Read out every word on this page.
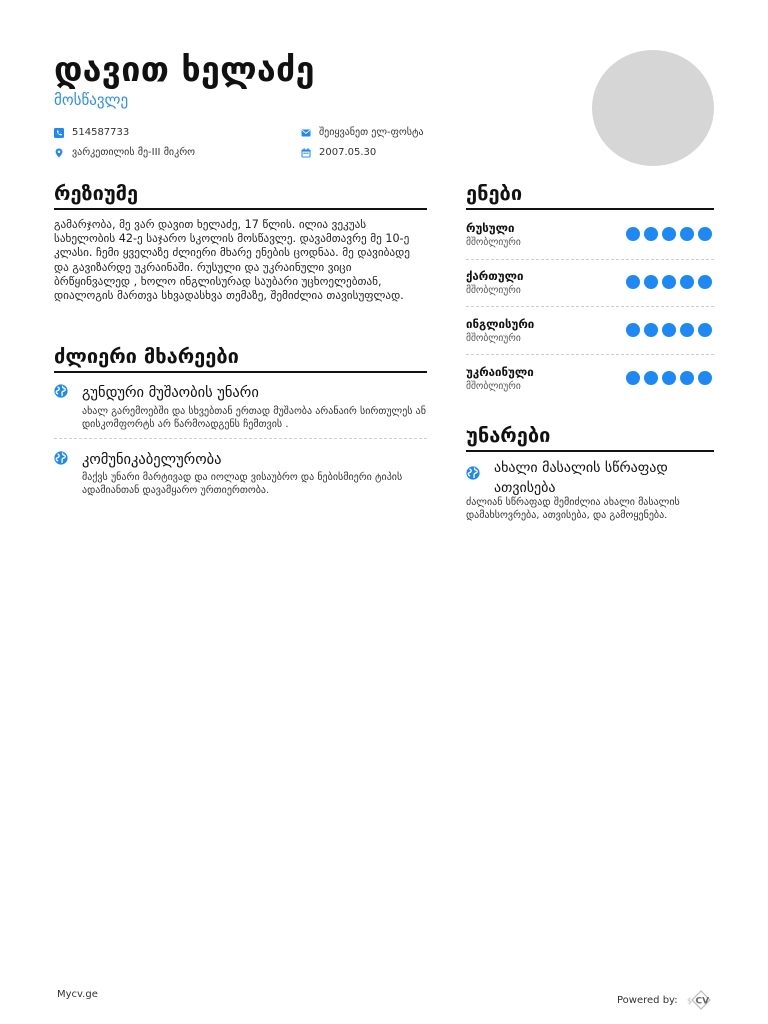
დავით ხელაძე
მოსწავლე
514587733
ვარკეთილის მე-III მიკრო
შეიყვანეთ ელ-ფოსტა
2007.05.30
რეზიუმე
გამარჯობა, მე ვარ დავით ხელაძე, 17 წლის. ილია ვეკუას სახელობის 42-ე საჯარო სკოლის მოსწავლე. დავამთავრე მე 10-ე კლასი. ჩემი ყველაზე ძლიერი მხარე ენების ცოდნაა. მე დავიბადე და გავიზარდე უკრაინაში. რუსული და უკრაინული ვიცი ბრწყინვალედ , ხოლო ინგლისურად საუბარი უცხოელებთან, დიალოგის მართვა სხვადასხვა თემაზე, შემიძლია თავისუფლად.
ძლიერი მხარეები
გუნდური მუშაობის უნარი
ახალ გარემოებში და სხვებთან ერთად მუშაობა არანაირ სირთულეს ან დისკომფორტს არ წარმოადგენს ჩემთვის .
კომუნიკაბელურობა
მაქვს უნარი მარტივად და იოლად ვისაუბრო და ნებისმიერი ტიპის ადამიანთან დავამყარო ურთიერთობა.
ენები
რუსული
მშობლიური
ქართული
მშობლიური
ინგლისური
მშობლიური
უკრაინული
მშობლიური
უნარები
ახალი მასალის სწრაფად ათვისება
ძალიან სწრაფად შემიძლია ახალი მასალის დამახსოვრება, ათვისება, და გამოყენება.
Mycv.ge	Powered by: $ CV
